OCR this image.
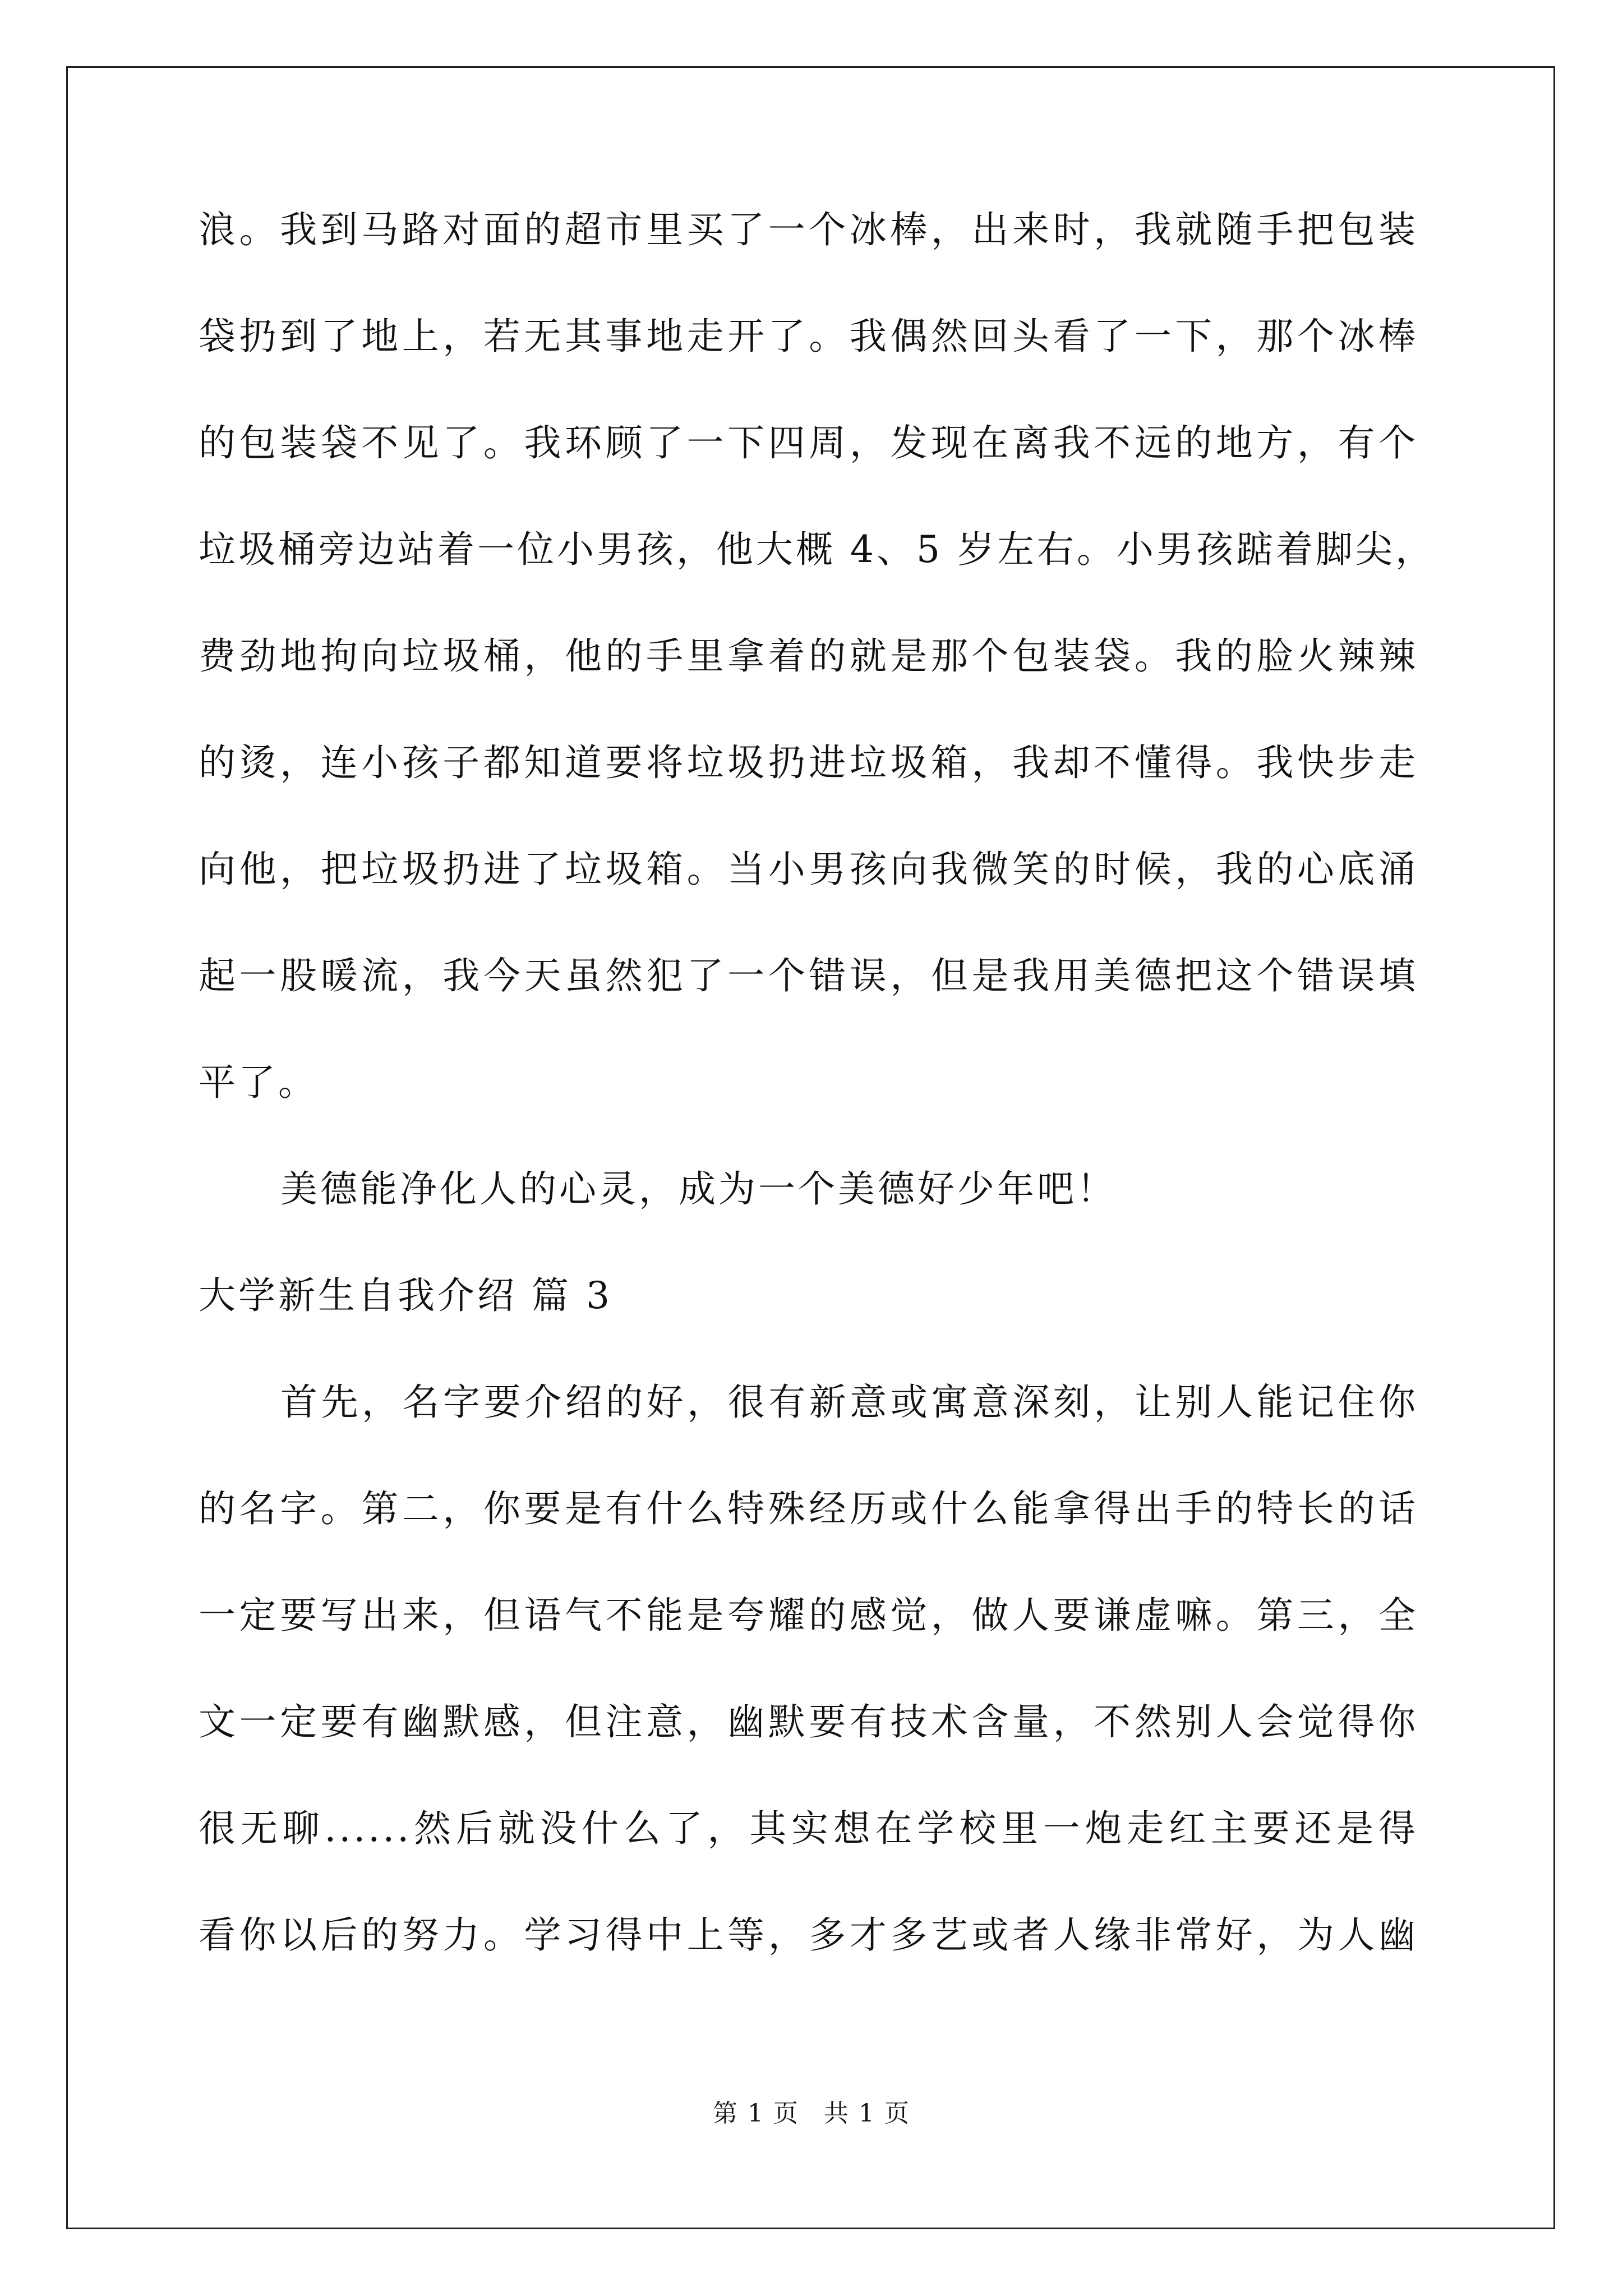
浪。我到马路对面的超市里买了一个冰棒，出来时，我就随手把包装
袋扔到了地上，若无其事地走开了。我偶然回头看了一下，那个冰棒
的包装袋不见了。我环顾了一下四周，发现在离我不远的地方，有个
垃圾桶旁边站着一位小男孩，他大概 4、5 岁左右。小男孩踮着脚尖，
费劲地拘向垃圾桶，他的手里拿着的就是那个包装袋。我的脸火辣辣
的烫，连小孩子都知道要将垃圾扔进垃圾箱，我却不懂得。我快步走
向他，把垃圾扔进了垃圾箱。当小男孩向我微笑的时候，我的心底涌
起一股暖流，我今天虽然犯了一个错误，但是我用美德把这个错误填
平了。
美德能净化人的心灵，成为一个美德好少年吧！
大学新生自我介绍 篇 3
首先，名字要介绍的好，很有新意或寓意深刻，让别人能记住你
的名字。第二，你要是有什么特殊经历或什么能拿得出手的特长的话
一定要写出来，但语气不能是夸耀的感觉，做人要谦虚嘛。第三，全
文一定要有幽默感，但注意，幽默要有技术含量，不然别人会觉得你
很无聊......然后就没什么了，其实想在学校里一炮走红主要还是得
看你以后的努力。学习得中上等，多才多艺或者人缘非常好，为人幽
第 1 页 共 1 页
